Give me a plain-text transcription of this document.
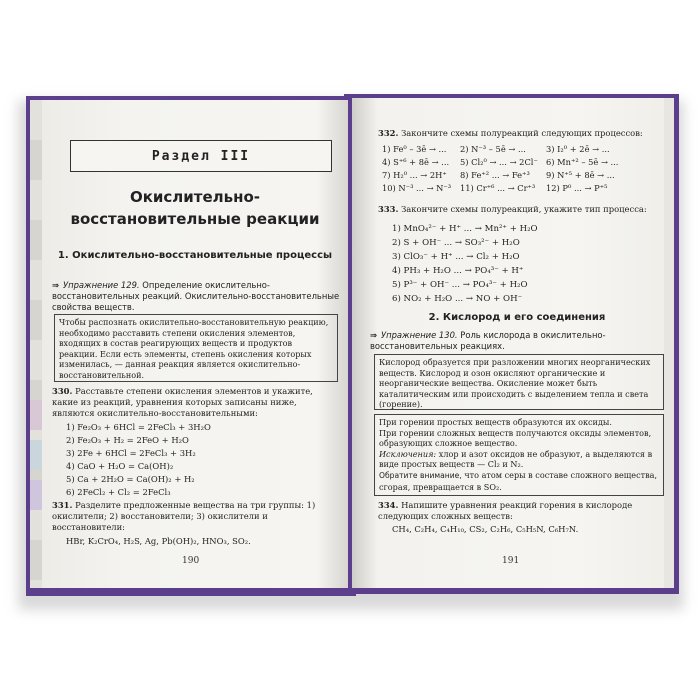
Раздел III
Окислительно-
восстановительные реакции
1. Окислительно-восстановительные процессы
⇒ Упражнение 129. Определение окислительно-восстановительных реакций. Окислительно-восстановительные свойства веществ.
Чтобы распознать окислительно-восстановительную реакцию, необходимо расставить степени окисления элементов, входящих в состав реагирующих веществ и продуктов реакции. Если есть элементы, степень окисления которых изменилась, — данная реакция является окислительно-восстановительной.
330. Расставьте степени окисления элементов и укажите, какие из реакций, уравнения которых записаны ниже, являются окислительно-восстановительными:
1) Fe₂O₃ + 6HCl = 2FeCl₃ + 3H₂O
2) Fe₂O₃ + H₂ = 2FeO + H₂O
3) 2Fe + 6HCl = 2FeCl₃ + 3H₂
4) CaO + H₂O = Ca(OH)₂
5) Ca + 2H₂O = Ca(OH)₂ + H₂
6) 2FeCl₂ + Cl₂ = 2FeCl₃
331. Разделите предложенные вещества на три группы: 1) окислители; 2) восстановители; 3) окислители и восстановители:
HBr, K₂CrO₄, H₂S, Ag, Pb(OH)₂, HNO₃, SO₂.
190
332. Закончите схемы полуреакций следующих процессов:
1) Fe⁰ – 3ē → ...	2) N⁻³ – 5ē → ...	3) I₂⁰ + 2ē → ...
4) S⁺⁶ + 8ē → ...	5) Cl₂⁰ → ... → 2Cl⁻ 6) Mn⁺² – 5ē → ...
7) H₂⁰ ... → 2H⁺	8) Fe⁺² ... → Fe⁺³	9) N⁺⁵ + 8ē → ...
10) N⁻³ ... → N⁻³	11) Cr⁺⁶ ... → Cr⁺³	12) P⁰ ... → P⁺⁵
333. Закончите схемы полуреакций, укажите тип процесса:
1) MnO₄²⁻ + H⁺ ... → Mn²⁺ + H₂O
2) S + OH⁻ ... → SO₃²⁻ + H₂O
3) ClO₃⁻ + H⁺ ... → Cl₂ + H₂O
4) PH₃ + H₂O ... → PO₄³⁻ + H⁺
5) P³⁻ + OH⁻ ... → PO₄³⁻ + H₂O
6) NO₂ + H₂O ... → NO + OH⁻
2. Кислород и его соединения
⇒ Упражнение 130. Роль кислорода в окислительно-восстановительных реакциях.
Кислород образуется при разложении многих неорганических веществ. Кислород и озон окисляют органические и неорганические вещества. Окисление может быть каталитическим или происходить с выделением тепла и света (горение).
При горении простых веществ образуются их оксиды.
При горении сложных веществ получаются оксиды элементов, образующих сложное вещество.
Исключения: хлор и азот оксидов не образуют, а выделяются в виде простых веществ — Cl₂ и N₂.
Обратите внимание, что атом серы в составе сложного вещества, сгорая, превращается в SO₂.
334. Напишите уравнения реакций горения в кислороде следующих сложных веществ:
CH₄, C₂H₄, C₄H₁₀, CS₂, C₂H₆, C₅H₅N, C₆H₇N.
191
